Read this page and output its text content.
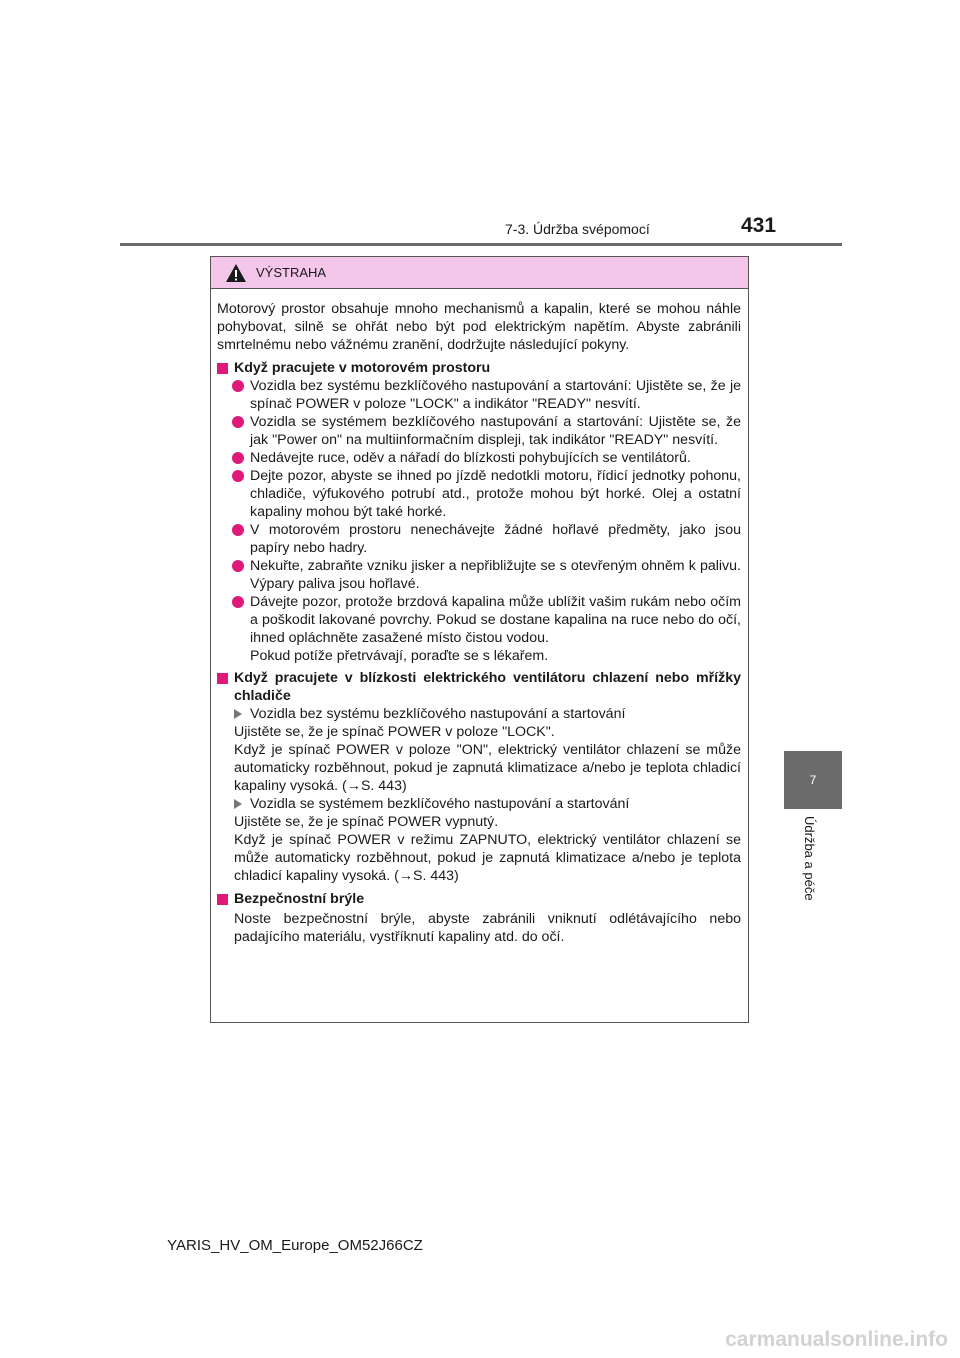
7-3. Údržba svépomocí	431
7
Údržba a péče
VÝSTRAHA

Motorový prostor obsahuje mnoho mechanismů a kapalin, které se mohou náhle pohybovat, silně se ohřát nebo být pod elektrickým napětím. Abyste zabránili smrtelnému nebo vážnému zranění, dodržujte následující pokyny.

Když pracujete v motorovém prostoru

Vozidla bez systému bezklíčového nastupování a startování: Ujistěte se, že je spínač POWER v poloze "LOCK" a indikátor "READY" nesvítí.

Vozidla se systémem bezklíčového nastupování a startování: Ujistěte se, že jak "Power on" na multiinformačním displeji, tak indikátor "READY" nesvítí.

Nedávejte ruce, oděv a nářadí do blízkosti pohybujících se ventilátorů.

Dejte pozor, abyste se ihned po jízdě nedotkli motoru, řídicí jednotky pohonu, chladiče, výfukového potrubí atd., protože mohou být horké. Olej a ostatní kapaliny mohou být také horké.

V motorovém prostoru nenechávejte žádné hořlavé předměty, jako jsou papíry nebo hadry.

Nekuřte, zabraňte vzniku jisker a nepřibližujte se s otevřeným ohněm k palivu. Výpary paliva jsou hořlavé.

Dávejte pozor, protože brzdová kapalina může ublížit vašim rukám nebo očím a poškodit lakované povrchy. Pokud se dostane kapalina na ruce nebo do očí, ihned opláchněte zasažené místo čistou vodou.
Pokud potíže přetrvávají, poraďte se s lékařem.

Když pracujete v blízkosti elektrického ventilátoru chlazení nebo mřížky chladiče

Vozidla bez systému bezklíčového nastupování a startování

Ujistěte se, že je spínač POWER v poloze "LOCK".
Když je spínač POWER v poloze "ON", elektrický ventilátor chlazení se může automaticky rozběhnout, pokud je zapnutá klimatizace a/nebo je teplota chladicí kapaliny vysoká. (→S. 443)

Vozidla se systémem bezklíčového nastupování a startování

Ujistěte se, že je spínač POWER vypnutý.
Když je spínač POWER v režimu ZAPNUTO, elektrický ventilátor chlazení se může automaticky rozběhnout, pokud je zapnutá klimatizace a/nebo je teplota chladicí kapaliny vysoká. (→S. 443)

Bezpečnostní brýle

Noste bezpečnostní brýle, abyste zabránili vniknutí odlétávajícího nebo padajícího materiálu, vystříknutí kapaliny atd. do očí.

YARIS_HV_OM_Europe_OM52J66CZ
carmanualsonline.info
